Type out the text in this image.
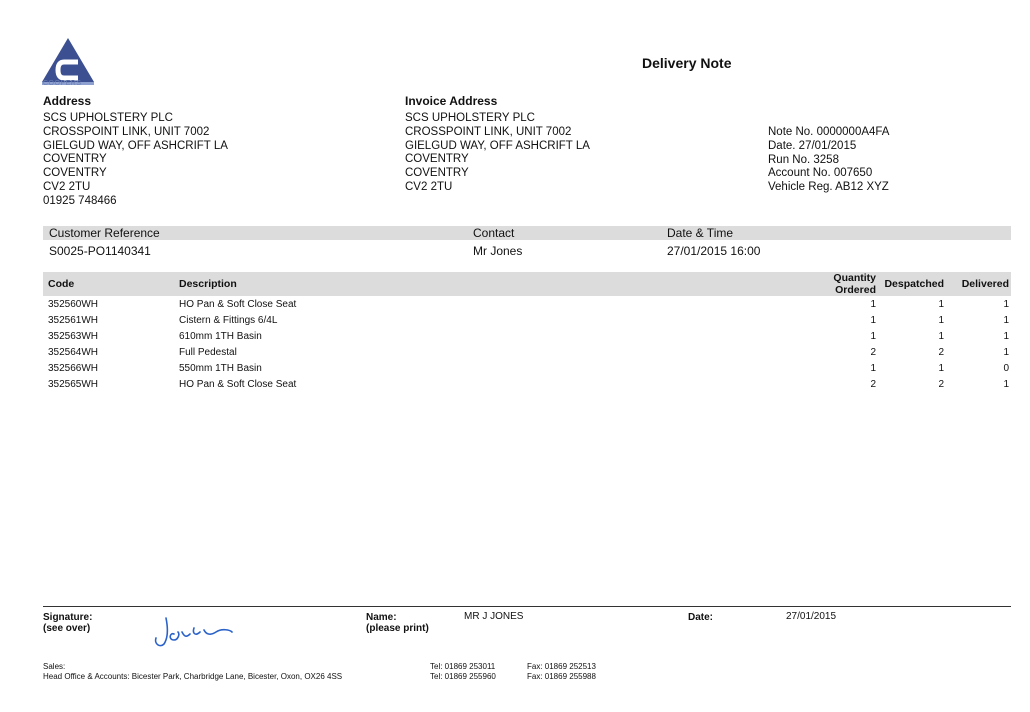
COOPERS
Delivery Note
Address
SCS UPHOLSTERY PLC
CROSSPOINT LINK, UNIT 7002
GIELGUD WAY, OFF ASHCRIFT LA
COVENTRY
COVENTRY
CV2 2TU
01925 748466
Invoice Address
SCS UPHOLSTERY PLC
CROSSPOINT LINK, UNIT 7002
GIELGUD WAY, OFF ASHCRIFT LA
COVENTRY
COVENTRY
CV2 2TU
Note No. 0000000A4FA
Date. 27/01/2015
Run No. 3258
Account No. 007650
Vehicle Reg. AB12 XYZ
Customer Reference	Contact	Date & Time
S0025-PO1140341	Mr Jones	27/01/2015 16:00
Code	Description	Quantity Ordered	Despatched	Delivered
352560WH	HO Pan & Soft Close Seat	1	1	1
352561WH	Cistern & Fittings 6/4L	1	1	1
352563WH	610mm 1TH Basin	1	1	1
352564WH	Full Pedestal	2	2	1
352566WH	550mm 1TH Basin	1	1	0
352565WH	HO Pan & Soft Close Seat	2	2	1
Signature:
(see over)
Name:
(please print)
MR J JONES	Date:	27/01/2015
Sales:
Head Office & Accounts: Bicester Park, Charbridge Lane, Bicester, Oxon, OX26 4SS
Tel: 01869 253011
Tel: 01869 255960
Fax: 01869 252513
Fax: 01869 255988
